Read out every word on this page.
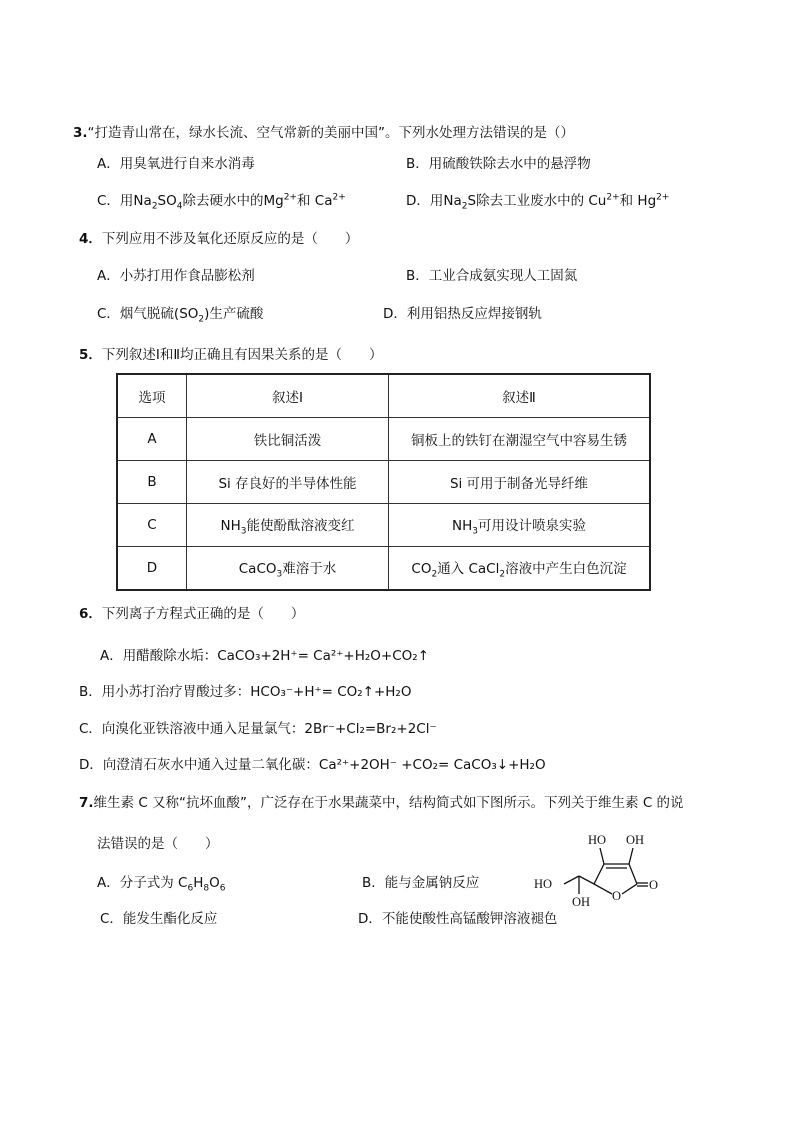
3.“打造青山常在，绿水长流、空气常新的美丽中国”。下列水处理方法错误的是（）
A．用臭氧进行自来水消毒	B．用硫酸铁除去水中的悬浮物
C．用$Na_2SO_4$除去硬水中的$Mg^{2+}$和 $Ca^{2+}$	D．用$Na_2S$除去工业废水中的 $Cu^{2+}$和 $Hg^{2+}$
4．下列应用不涉及氧化还原反应的是（　　）
A．小苏打用作食品膨松剂	B．工业合成氨实现人工固氮
C．烟气脱硫$(SO_2)$生产硫酸	D．利用铝热反应焊接钢轨
5．下列叙述Ⅰ和Ⅱ均正确且有因果关系的是（　　）
选项	叙述Ⅰ	叙述Ⅱ
A	铁比铜活泼	铜板上的铁钉在潮湿空气中容易生锈
B	Si 存良好的半导体性能	Si 可用于制备光导纤维
C	$NH_3$能使酚酞溶液变红	$NH_3$可用设计喷泉实验
D	CaCO$_3$难溶于水	$CO_2$通入 CaCl$_2$溶液中产生白色沉淀
6．下列离子方程式正确的是（　　）
A．用醋酸除水垢：CaCO₃+2H⁺= Ca²⁺+H₂O+CO₂↑
B．用小苏打治疗胃酸过多：HCO₃⁻+H⁺= CO₂↑+H₂O
C．向溴化亚铁溶液中通入足量氯气：2Br⁻+Cl₂=Br₂+2Cl⁻
D．向澄清石灰水中通入过量二氧化碳：Ca²⁺+2OH⁻ +CO₂= CaCO₃↓+H₂O
7.维生素 C 又称“抗坏血酸”，广泛存在于水果蔬菜中，结构简式如下图所示。下列关于维生素 C 的说
法错误的是（　　）
A．分子式为 $C_6H_8O_6$	B．能与金属钠反应
C．能发生酯化反应	D．不能使酸性高锰酸钾溶液褪色
HO OH
HO
OH O
O
